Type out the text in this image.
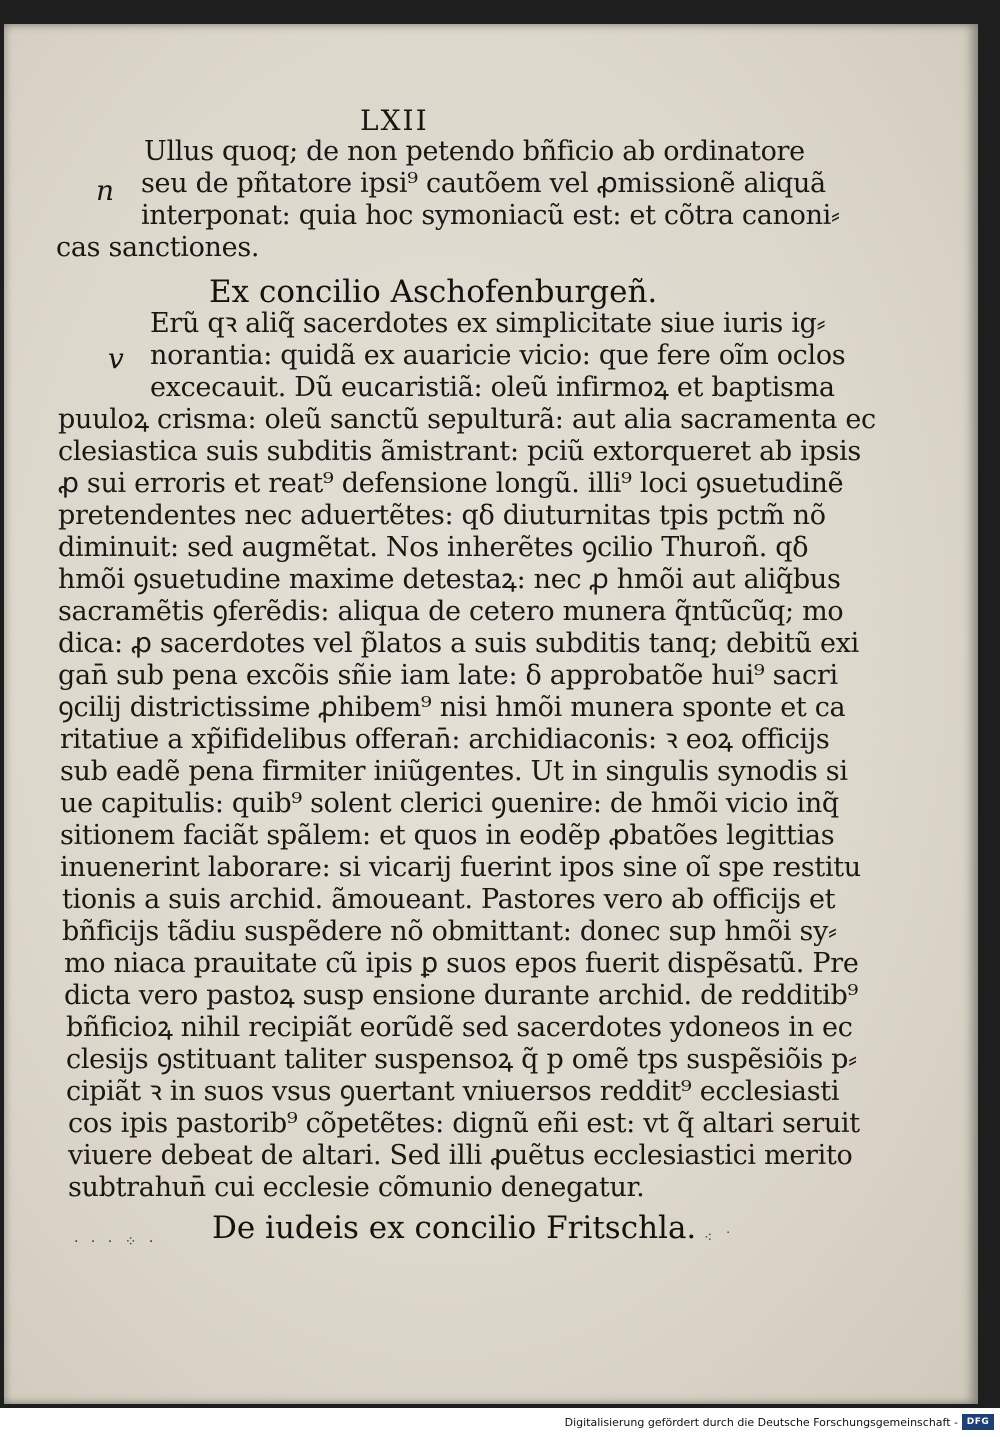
LXII
n
Ullus quoq; de non petendo bñficio ab ordinatore
seu de pñtatore ipsi⁹ cautõem vel ꝓmissionẽ aliquã
interponat: quia hoc symoniacũ est: et cõtra canoni⸗
cas sanctiones.
Ex concilio Aschofenburgeñ.
v
Erũ qꝛ aliq̃ sacerdotes ex simplicitate siue iuris ig⸗
norantia: quidã ex auaricie vicio: que fere oĩm oclos
excecauit. Dũ eucaristiã: oleũ infirmoꝝ et baptisma
puuloꝝ crisma: oleũ sanctũ sepulturã: aut alia sacramenta ec
clesiastica suis subditis ãmistrant: pciũ extorqueret ab ipsis
ꝓ sui erroris et reat⁹ defensione longũ. illi⁹ loci ꝯsuetudinẽ
pretendentes nec aduertẽtes: qδ diuturnitas tpis pctm̃ nõ
diminuit: sed augmẽtat. Nos inherẽtes ꝯcilio Thuroñ. qδ
hmõi ꝯsuetudine maxime detestaꝝ: nec ꝓ hmõi aut aliq̃bus
sacramẽtis ꝯferẽdis: aliqua de cetero munera q̃ntũcũq; mo
dica: ꝓ sacerdotes vel p̃latos a suis subditis tanq; debitũ exi
gan̄ sub pena excõis sñie iam late: δ approbatõe hui⁹ sacri
ꝯcilij districtissime ꝓhibem⁹ nisi hmõi munera sponte et ca
ritatiue a xp̃ifidelibus offeran̄: archidiaconis: ꝛ eoꝝ officijs
sub eadẽ pena firmiter iniũgentes. Ut in singulis synodis si
ue capitulis: quib⁹ solent clerici ꝯuenire: de hmõi vicio inq̃
sitionem faciãt spãlem: et quos in eodẽp ꝓbatões legittias
inuenerint laborare: si vicarij fuerint ipos sine oĩ spe restitu
tionis a suis archid. ãmoueant. Pastores vero ab officijs et
bñficijs tãdiu suspẽdere nõ obmittant: donec sup hmõi sy⸗
mo niaca prauitate cũ ipis ꝑ suos epos fuerit dispẽsatũ. Pre
dicta vero pastoꝝ susp ensione durante archid. de redditib⁹
bñficioꝝ nihil recipiãt eorũdẽ sed sacerdotes ydoneos in ec
clesijs ꝯstituant taliter suspensoꝝ q̃ p omẽ tps suspẽsiõis p⸗
cipiãt ꝛ in suos vsus ꝯuertant vniuersos reddit⁹ ecclesiasti
cos ipis pastorib⁹ cõpetẽtes: dignũ eñi est: vt q̃ altari seruit
viuere debeat de altari. Sed illi ꝓuẽtus ecclesiastici merito
subtrahun̄ cui ecclesie cõmunio denegatur.
De iudeis ex concilio Fritschla.
· · · ⁘ ·	⁖ ˙
Digitalisierung gefördert durch die Deutsche Forschungsgemeinschaft - DFG
